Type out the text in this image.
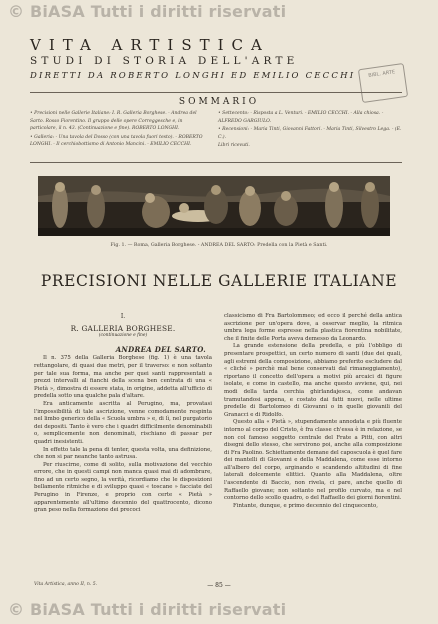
© BiASA Tutti i diritti riservati
VITA ARTISTICA
STUDI DI STORIA DELL'ARTE
DIRETTI DA ROBERTO LONGHI ED EMILIO CECCHI	BIBL. ARTE
SOMMARIO

• Precisioni nelle Gallerie Italiane: I. R. Galleria Borghese. - Andrea del Sarto. Rosso Fiorentino. Il gruppo delle opere Correggesche e, in particolare, il n. 43. (Continuazione e fine). ROBERTO LONGHI.

• Galleria: - Una tavola del Dosso (con una tavola fuori testo). - ROBERTO LONGHI. - Il cerchiobottismo di Antonio Mancini. - EMILIO CECCHI.

• Settecento: - Risposta a L. Venturi. - EMILIO CECCHI. - Alla chiosa. - ALFREDO GARGIULO.

• Recensioni: - Maria Tinti, Giovanni Fattori. - Maria Tinti, Silvestro Lega. - (E. C.).

Libri ricevuti.

Fig. 1. — Roma, Galleria Borghese. - ANDREA DEL SARTO: Predella con la Pietà e Santi.
PRECISIONI NELLE GALLERIE ITALIANE

I.

R. GALLERIA BORGHESE.

(continuazione e fine)

ANDREA DEL SARTO.

Il n. 375 della Galleria Borghese (fig. 1) è una tavola rettangolare, di quasi due metri, per il traverso: e non soltanto per tale sua forma, ma anche per quei santi rappresentati a prezzi intervalli al fianchi della scena ben centrata di una « Pietà », dimostra di essere stata, in origine, addetta all'ufficio di predella sotto una qualche pala d'altare.

Era anticamente ascritta al Perugino, ma, provatasi l'impossibilità di tale ascrizione, venne comodamente respinta nel limbo generico della « Scuola umbra » e, di lì, nel purgatorio dei depositi. Tanto è vero che i quadri difficilmente denominabili o, semplicemente non denominati, rischiano di passar per quadri inesistenti.

In effetto tale la pena di tenter, questa volta, una definizione, che non si par neanche tanto astrusa.

Per riuscirne, come di solito, sulla motivazione del vecchio errore, che in questi campi non manca quasi mai di adombrare, fino ad un certo segno, la verità, ricordiamo che le disposizioni bellamente ritmiche e di sviluppo quasi « toscane » facciate del Perugino in Firenze, e proprio con certe « Pietà » apparentemente all'ultimo decennio del quattrocento, dicono gran peso nella formazione dei precoci

classicismo di Fra Bartolommeo; ed ecco il perché della antica ascrizione per un'opera dove, a osservar meglio, la ritmica umbra lega forme espresse nella plastica fiorentina nobilitate, che il finite delle Porta aveva demesso da Leonardo.

La grande estensione della predella, e più l'obbligo di presentare prospettici, un certo numero di santi (due dei quali, agli estremi della composizione, abbiamo preferito escludere dal « cliché » perchè mal bene conservati dal rimaneggiamento), riportano il concetto dell'opera a motivi più arcaici di figure isolate, e come in castello, ma anche questo avviene, qui, nei modi della tarda cerchia ghirlandajesca, come andavan tramutandosi appena, e costato dai fatti nuovi, nelle ultime predelle di Bartolomeo di Giovanni o in quelle giovanili del Granacci e di Ridolfo.

Questo alla « Pietà », stupendamente annodata e più fluente intorno al corpo del Cristo, è fra classe ch'essa è in relazione, se non col famoso soggetto centrale del Frate a Pitti, con altri disegni dello stesso, che servirono poi, anche alla composizione di Fra Paolino. Schiettamente demane del caposcuola è quel fare dei mantelli di Giovanni e della Maddalena, come esse intorno all'albero del corpo, arginando e scandendo altitudini di fine laterali dolcemente elittici. Quanto alla Maddalena, oltre l'ascendente di Baccio, non rivela, ci pare, anche quello di Raffaello giovane; non soltanto nel profilo curvato, ma e nel contorno dello scollo quadro, o del Raffaello dei giorni fiorentini.

Fintante, dunque, e primo decennio del cinquecento,

Vita Artistica, anno II, n. 5.	— 85 —
© BiASA Tutti i diritti riservati
